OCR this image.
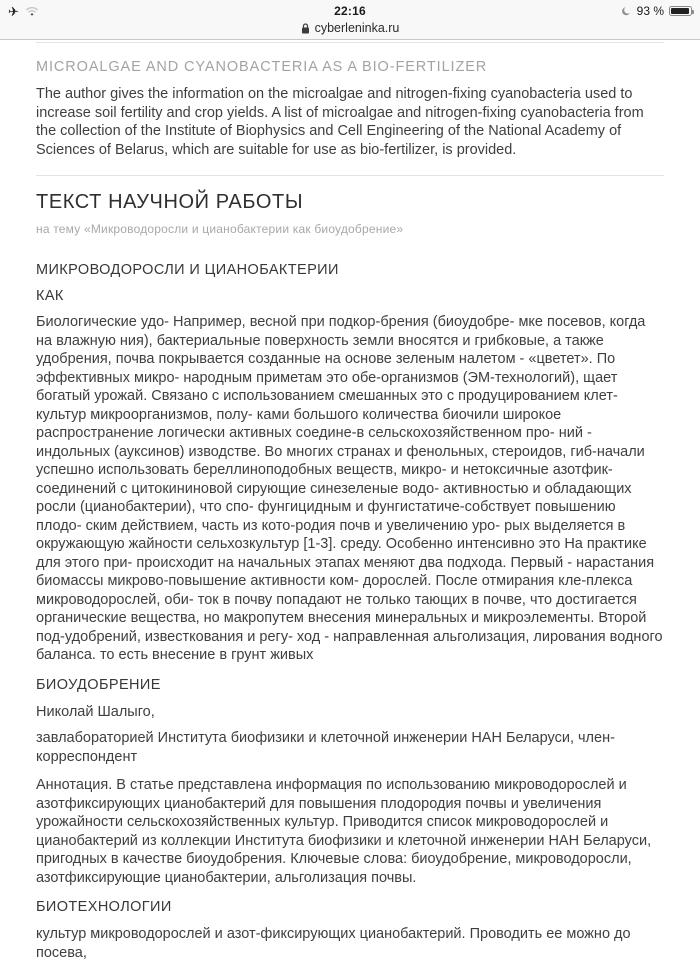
✈	22:16	93 %
cyberleninka.ru
MICROALGAE AND CYANOBACTERIA AS A BIO-FERTILIZER

The author gives the information on the microalgae and nitrogen-fixing cyanobacteria used to increase soil fertility and crop yields. A list of microalgae and nitrogen-fixing cyanobacteria from the collection of the Institute of Biophysics and Cell Engineering of the National Academy of Sciences of Belarus, which are suitable for use as bio-fertilizer, is provided.

ТЕКСТ НАУЧНОЙ РАБОТЫ
на тему «Микроводоросли и цианобактерии как биоудобрение»
МИКРОВОДОРОСЛИ И ЦИАНОБАКТЕРИИ
КАК

Биологические удо- Например, весной при подкор-брения (биоудобре- мке посевов, когда на влажную ния), бактериальные поверхность земли вносятся и грибковые, а также удобрения, почва покрывается созданные на основе зеленым налетом - «цветет». По эффективных микро- народным приметам это обе-организмов (ЭМ-технологий), щает богатый урожай. Связано с использованием смешанных это с продуцированием клет-культур микроорганизмов, полу- ками большого количества биочили широкое распространение логически активных соедине-в сельскохозяйственном про- ний - индольных (ауксинов) изводстве. Во многих странах и фенольных, стероидов, гиб-начали успешно использовать береллиноподобных веществ, микро- и нетоксичные азотфик- соединений с цитокининовой сирующие синезеленые водо- активностью и обладающих росли (цианобактерии), что спо- фунгицидным и фунгистатиче-собствует повышению плодо- ским действием, часть из кото-родия почв и увеличению уро- рых выделяется в окружающую жайности сельхозкультур [1-3]. среду. Особенно интенсивно это На практике для этого при- происходит на начальных этапах меняют два подхода. Первый - нарастания биомассы микрово-повышение активности ком- дорослей. После отмирания кле-плекса микроводорослей, оби- ток в почву попадают не только тающих в почве, что достигается органические вещества, но макропутем внесения минеральных и микроэлементы. Второй под-удобрений, известкования и регу- ход - направленная альголизация, лирования водного баланса. то есть внесение в грунт живых

БИОУДОБРЕНИЕ

Николай Шалыго,

завлабораторией Института биофизики и клеточной инженерии НАН Беларуси, член-корреспондент

Аннотация. В статье представлена информация по использованию микроводорослей и азотфиксирующих цианобактерий для повышения плодородия почвы и увеличения урожайности сельскохозяйственных культур. Приводится список микроводорослей и цианобактерий из коллекции Института биофизики и клеточной инженерии НАН Беларуси, пригодных в качестве биоудобрения. Ключевые слова: биоудобрение, микроводоросли, азотфиксирующие цианобактерии, альголизация почвы.

БИОТЕХНОЛОГИИ

культур микроводорослей и азот-фиксирующих цианобактерий. Проводить ее можно до посева,
